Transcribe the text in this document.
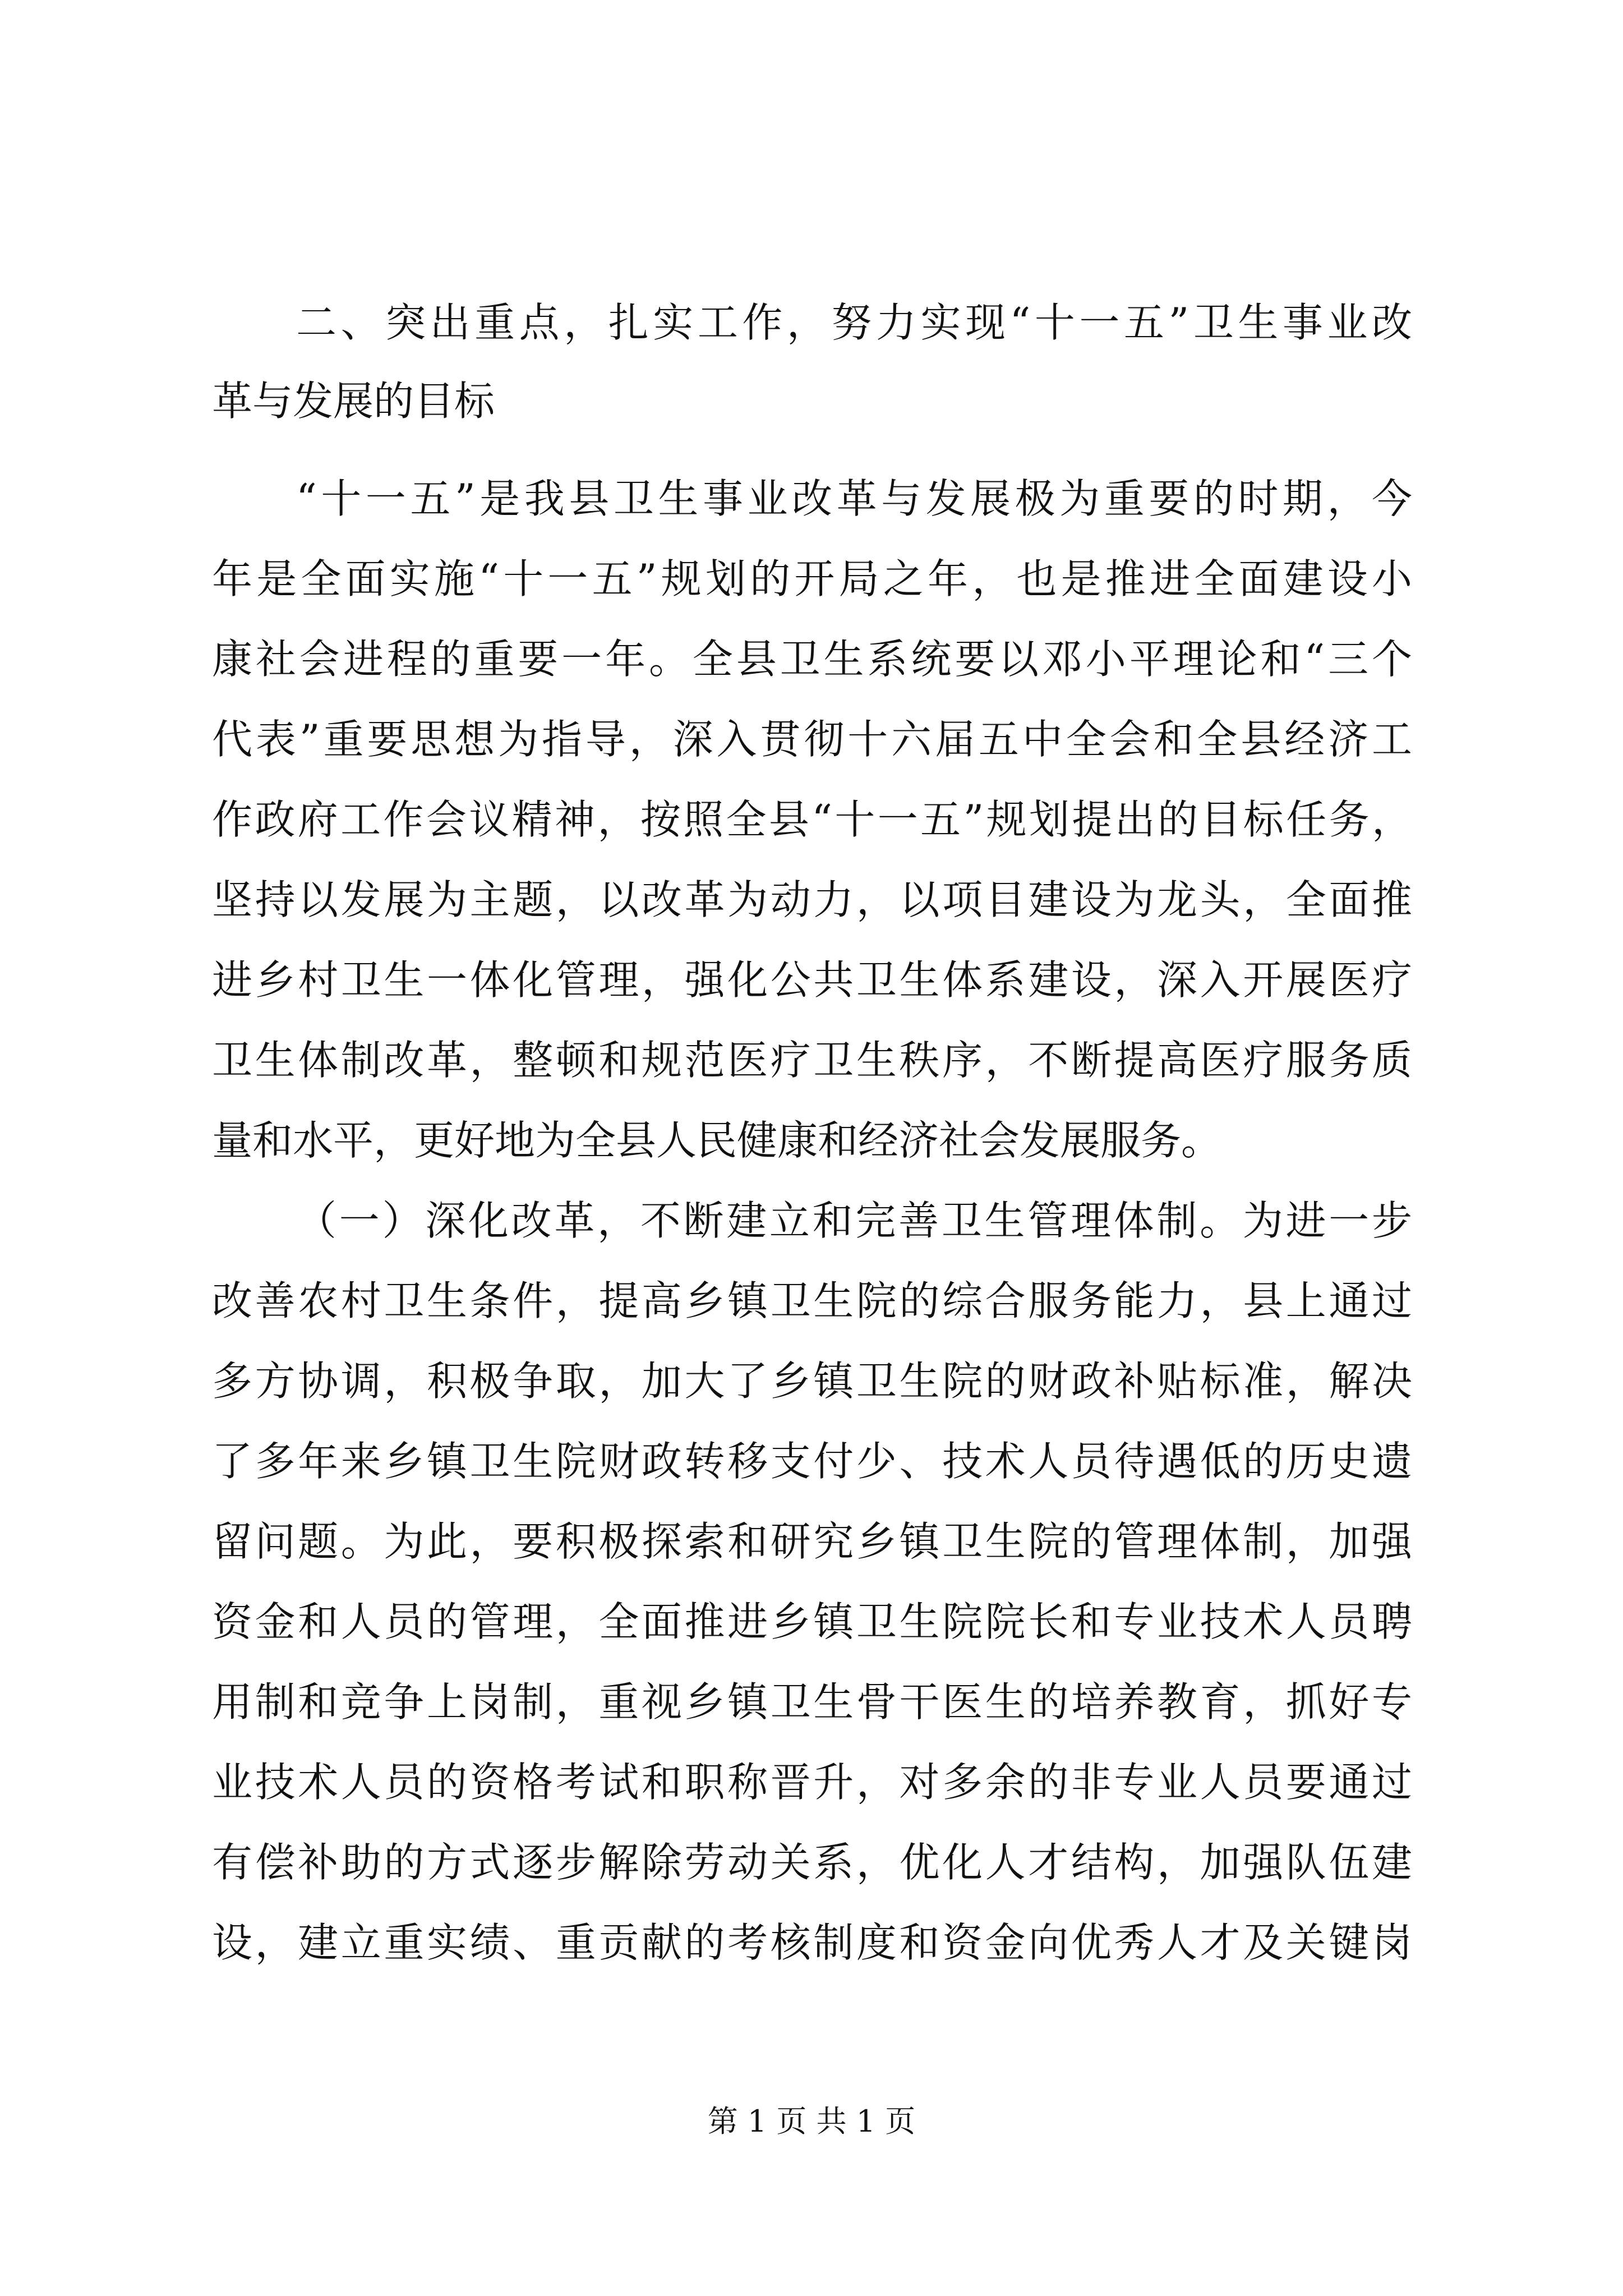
二、突出重点，扎实工作，努力实现“十一五”卫生事业改
革与发展的目标
“十一五”是我县卫生事业改革与发展极为重要的时期，今
年是全面实施“十一五”规划的开局之年，也是推进全面建设小
康社会进程的重要一年。全县卫生系统要以邓小平理论和“三个
代表”重要思想为指导，深入贯彻十六届五中全会和全县经济工
作政府工作会议精神，按照全县“十一五”规划提出的目标任务，
坚持以发展为主题，以改革为动力，以项目建设为龙头，全面推
进乡村卫生一体化管理，强化公共卫生体系建设，深入开展医疗
卫生体制改革，整顿和规范医疗卫生秩序，不断提高医疗服务质
量和水平，更好地为全县人民健康和经济社会发展服务。
（一）深化改革，不断建立和完善卫生管理体制。为进一步
改善农村卫生条件，提高乡镇卫生院的综合服务能力，县上通过
多方协调，积极争取，加大了乡镇卫生院的财政补贴标准，解决
了多年来乡镇卫生院财政转移支付少、技术人员待遇低的历史遗
留问题。为此，要积极探索和研究乡镇卫生院的管理体制，加强
资金和人员的管理，全面推进乡镇卫生院院长和专业技术人员聘
用制和竞争上岗制，重视乡镇卫生骨干医生的培养教育，抓好专
业技术人员的资格考试和职称晋升，对多余的非专业人员要通过
有偿补助的方式逐步解除劳动关系，优化人才结构，加强队伍建
设，建立重实绩、重贡献的考核制度和资金向优秀人才及关键岗
第 1 页 共 1 页
